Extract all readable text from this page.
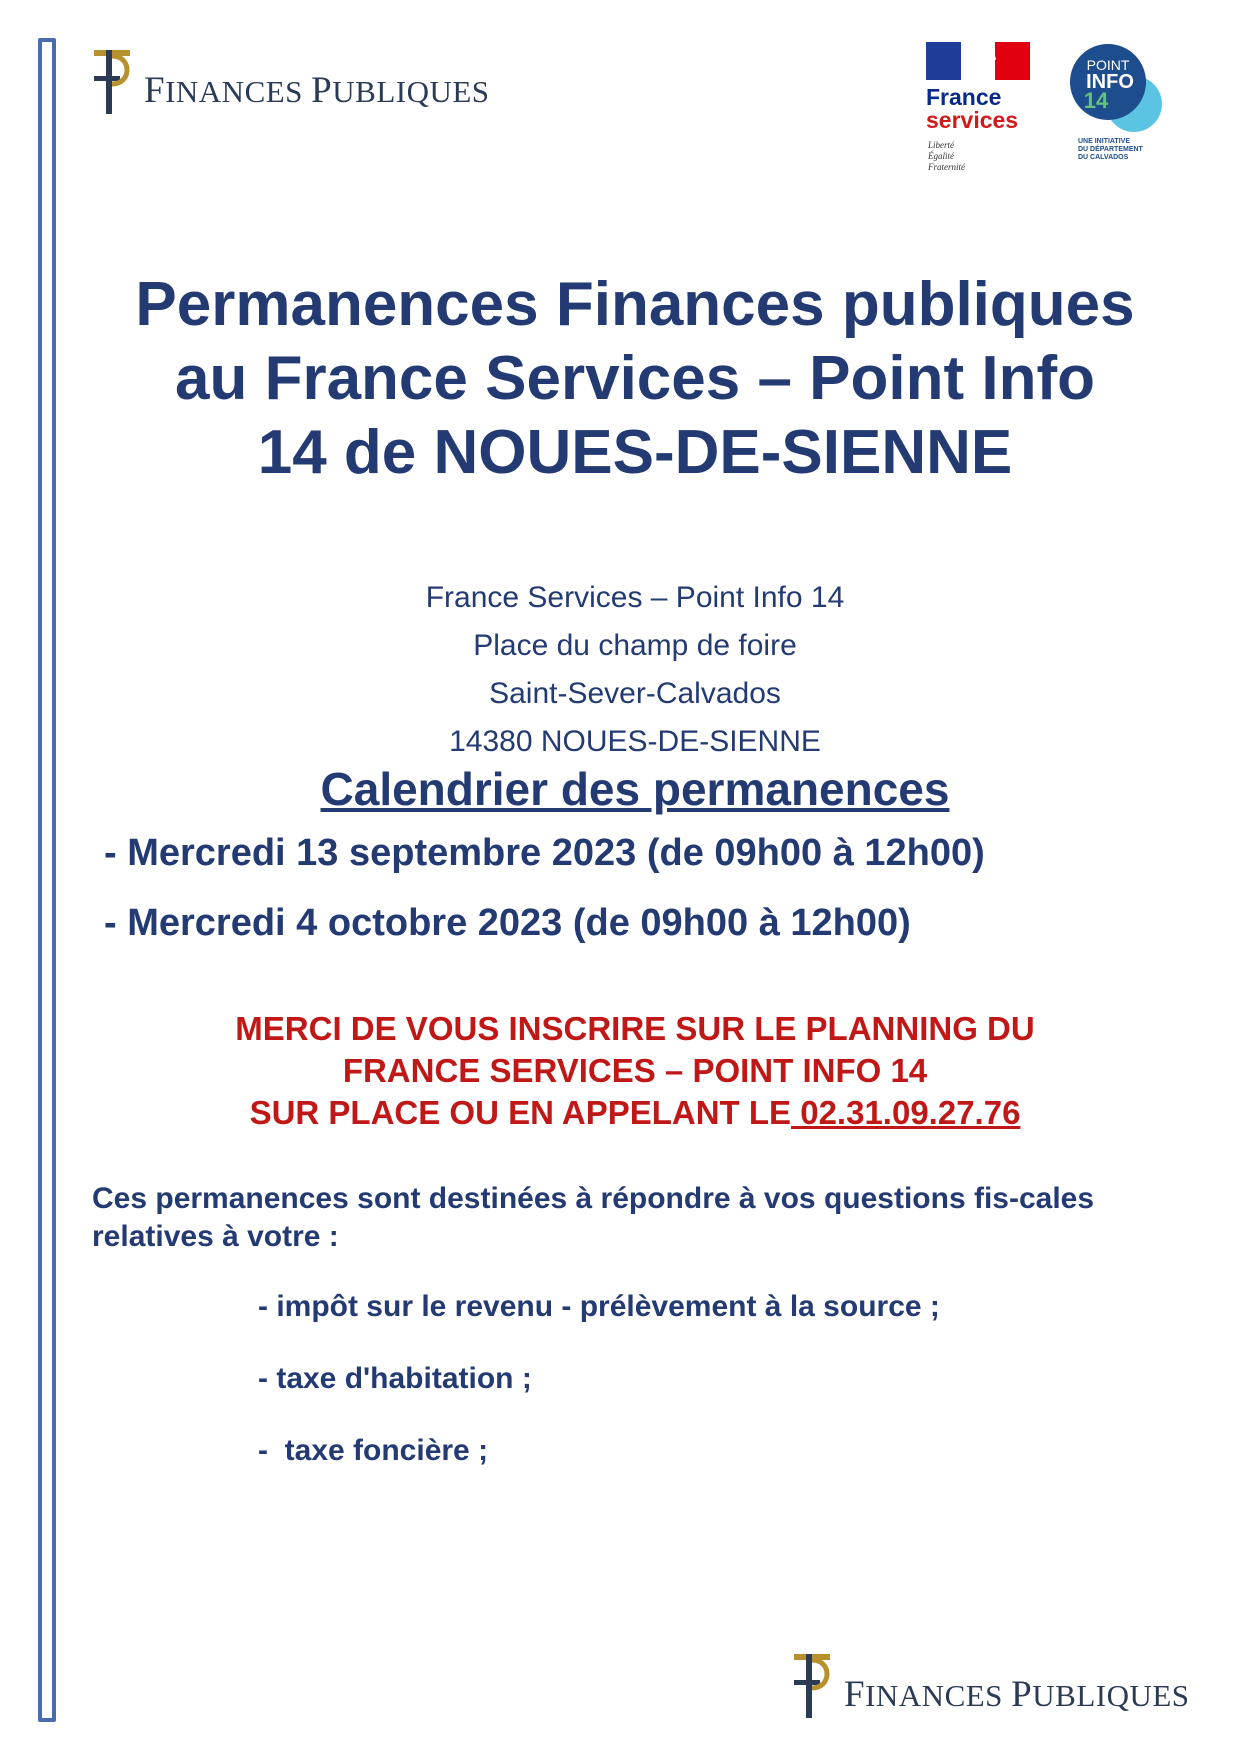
FINANCES PUBLIQUES	France
services
Liberté
Égalité
Fraternité
POINT
INFO
14
UNE INITIATIVE
DU DÉPARTEMENT
DU CALVADOS
Permanences Finances publiques
au France Services – Point Info
14 de NOUES-DE-SIENNE
France Services – Point Info 14
Place du champ de foire
Saint-Sever-Calvados
14380 NOUES-DE-SIENNE
Calendrier des permanences
- Mercredi 13 septembre 2023 (de 09h00 à 12h00)
- Mercredi 4 octobre 2023 (de 09h00 à 12h00)
MERCI DE VOUS INSCRIRE SUR LE PLANNING DU
FRANCE SERVICES – POINT INFO 14
SUR PLACE OU EN APPELANT LE 02.31.09.27.76
Ces permanences sont destinées à répondre à vos questions fis-cales relatives à votre :
- impôt sur le revenu - prélèvement à la source ;
- taxe d'habitation ;
-  taxe foncière ;
FINANCES PUBLIQUES
